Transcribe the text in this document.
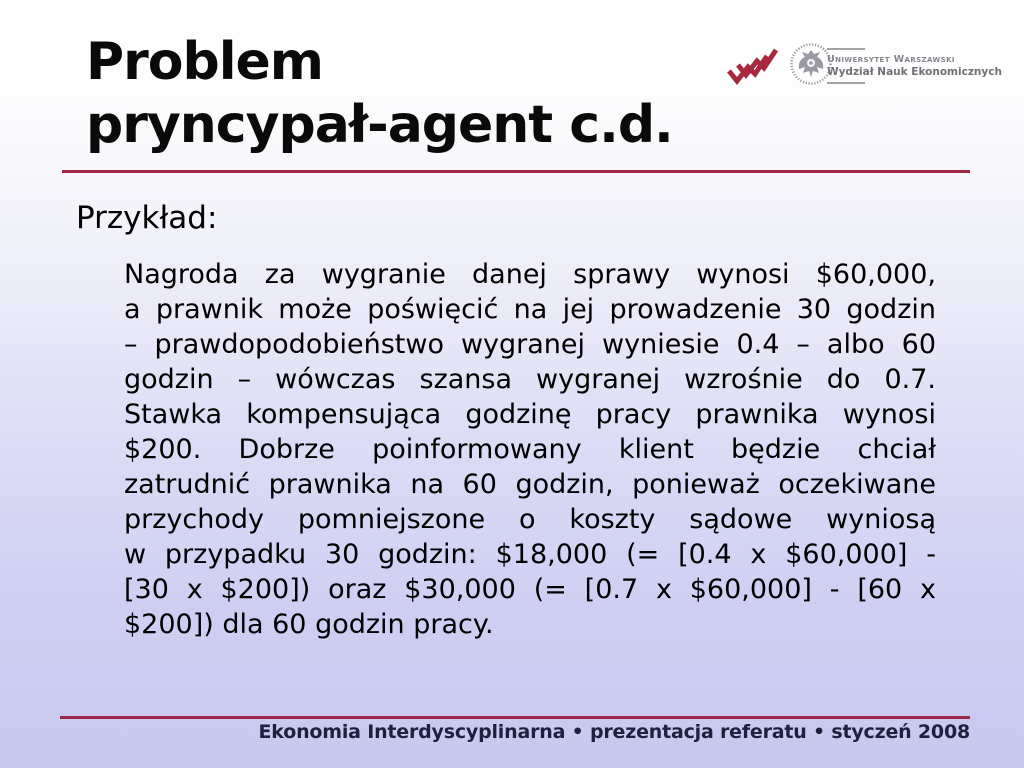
Problem
pryncypał-agent c.d.
Uniwersytet Warszawski
Wydział Nauk Ekonomicznych
Przykład:
Nagroda za wygranie danej sprawy wynosi $60,000,
a prawnik może poświęcić na jej prowadzenie 30 godzin
– prawdopodobieństwo wygranej wyniesie 0.4 – albo 60
godzin – wówczas szansa wygranej wzrośnie do 0.7.
Stawka kompensująca godzinę pracy prawnika wynosi
$200. Dobrze poinformowany klient będzie chciał
zatrudnić prawnika na 60 godzin, ponieważ oczekiwane
przychody pomniejszone o koszty sądowe wyniosą
w przypadku 30 godzin: $18,000 (= [0.4 x $60,000] -
[30 x $200]) oraz $30,000 (= [0.7 x $60,000] - [60 x
$200]) dla 60 godzin pracy.
Ekonomia Interdyscyplinarna • prezentacja referatu • styczeń 2008
